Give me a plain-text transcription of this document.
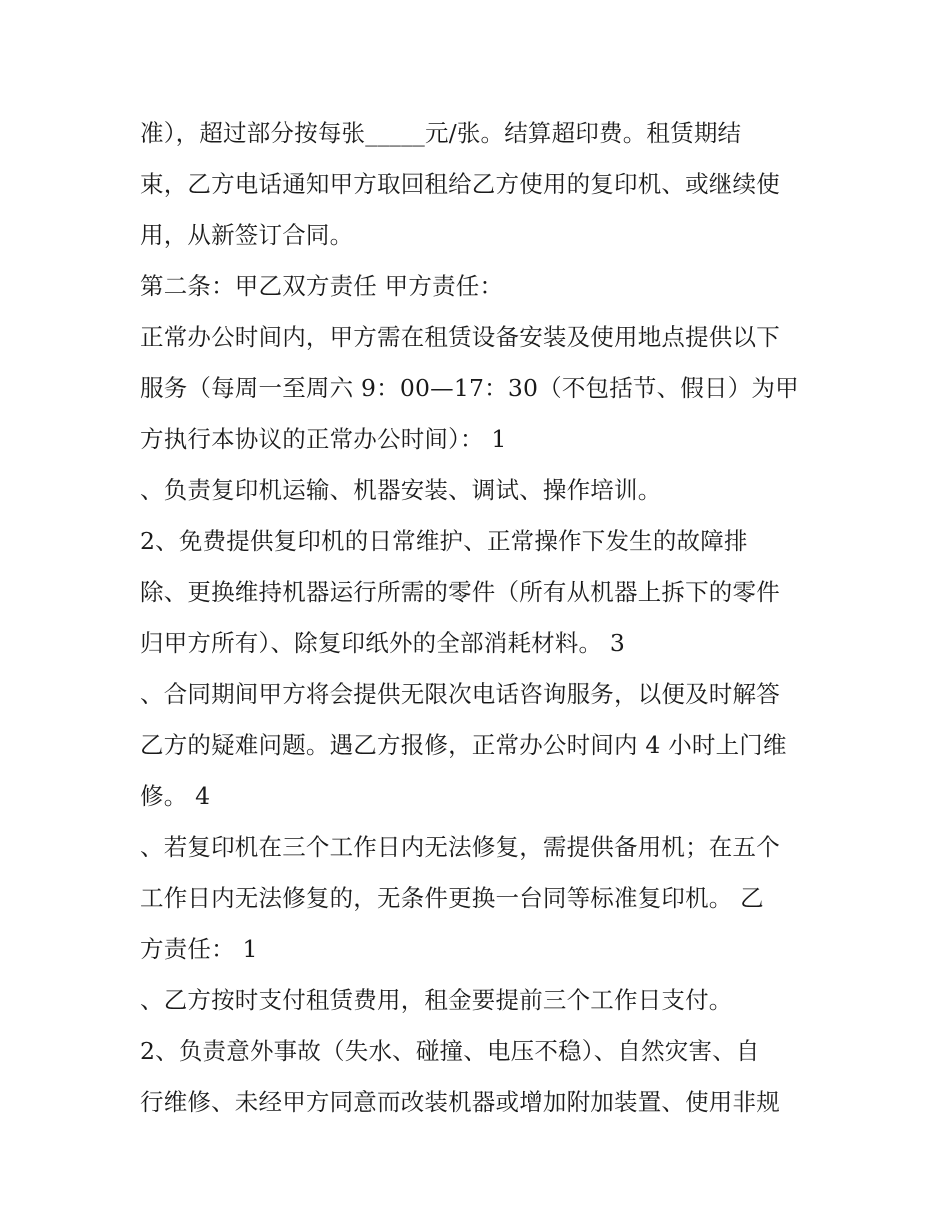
准），超过部分按每张_____元/张。结算超印费。租赁期结
束，乙方电话通知甲方取回租给乙方使用的复印机、或继续使
用，从新签订合同。
第二条：甲乙双方责任 甲方责任：
正常办公时间内，甲方需在租赁设备安装及使用地点提供以下
服务（每周一至周六 9：00—17：30（不包括节、假日）为甲
方执行本协议的正常办公时间）： 1
、负责复印机运输、机器安装、调试、操作培训。
2、免费提供复印机的日常维护、正常操作下发生的故障排
除、更换维持机器运行所需的零件（所有从机器上拆下的零件
归甲方所有）、除复印纸外的全部消耗材料。 3
、合同期间甲方将会提供无限次电话咨询服务，以便及时解答
乙方的疑难问题。遇乙方报修，正常办公时间内 4 小时上门维
修。 4
、若复印机在三个工作日内无法修复，需提供备用机；在五个
工作日内无法修复的，无条件更换一台同等标准复印机。 乙
方责任： 1
、乙方按时支付租赁费用，租金要提前三个工作日支付。
2、负责意外事故（失水、碰撞、电压不稳）、自然灾害、自
行维修、未经甲方同意而改装机器或增加附加装置、使用非规
